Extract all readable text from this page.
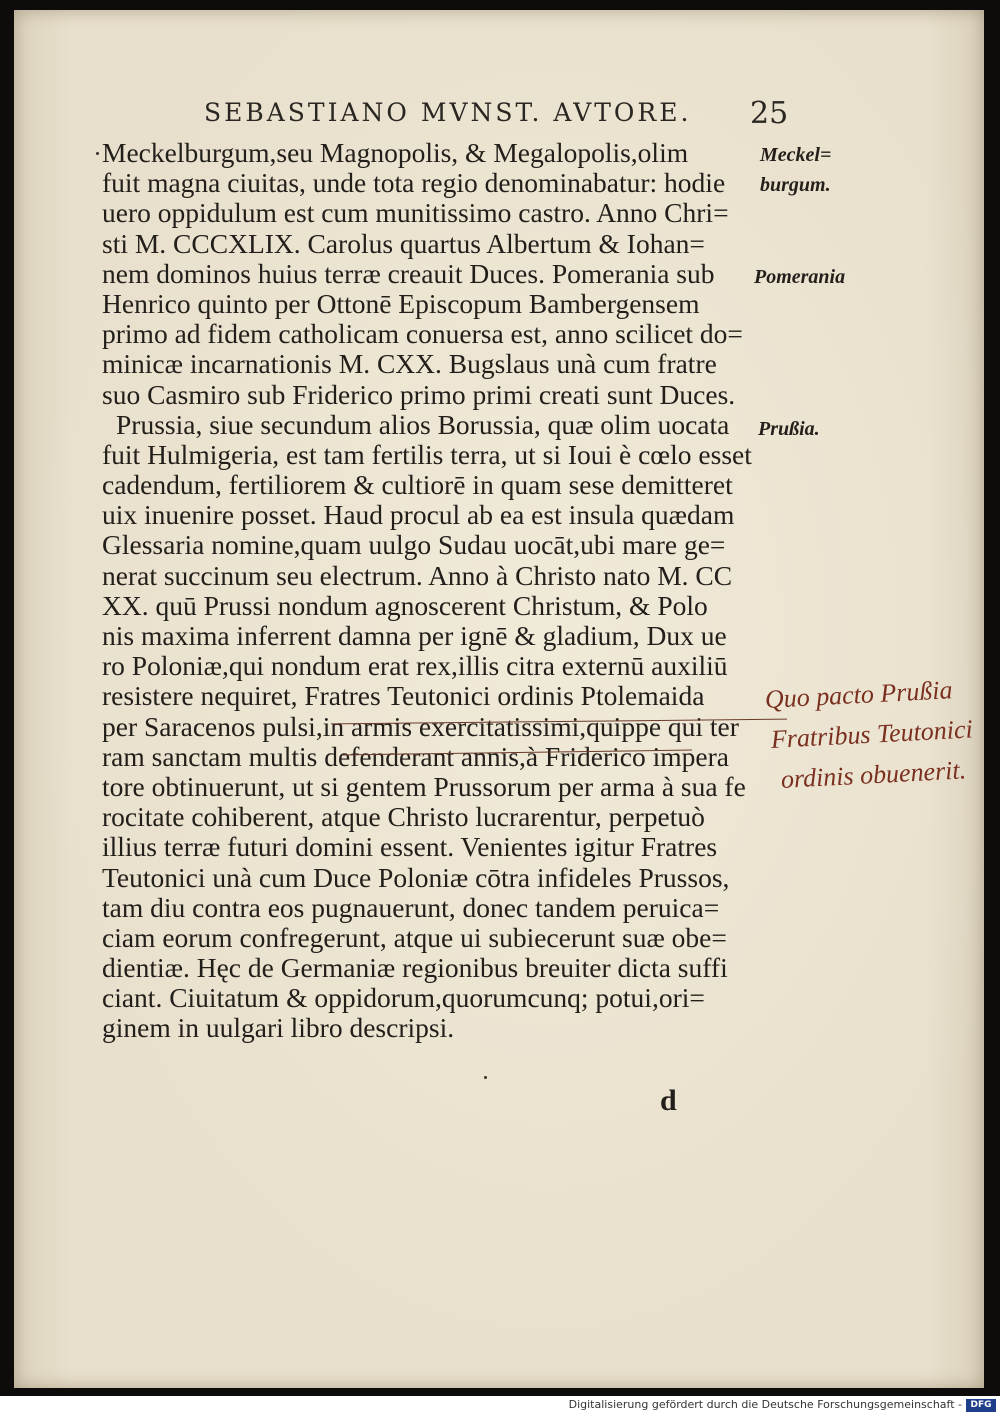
SEBASTIANO MVNST. AVTORE.	25
Meckelburgum,seu Magnopolis, & Megalopolis,olim
fuit magna ciuitas, unde tota regio denominabatur: hodie
uero oppidulum est cum munitissimo castro. Anno Chri=
sti M. CCCXLIX. Carolus quartus Albertum & Iohan=
nem dominos huius terræ creauit Duces. Pomerania sub
Henrico quinto per Ottonē Episcopum Bambergensem
primo ad fidem catholicam conuersa est, anno scilicet do=
minicæ incarnationis M. CXX. Bugslaus unà cum fratre
suo Casmiro sub Friderico primo primi creati sunt Duces.
Prussia, siue secundum alios Borussia, quæ olim uocata
fuit Hulmigeria, est tam fertilis terra, ut si Ioui è cœlo esset
cadendum, fertiliorem & cultiorē in quam sese demitteret
uix inuenire posset. Haud procul ab ea est insula quædam
Glessaria nomine,quam uulgo Sudau uocāt,ubi mare ge=
nerat succinum seu electrum. Anno à Christo nato M. CC
XX. quū Prussi nondum agnoscerent Christum, & Polo
nis maxima inferrent damna per ignē & gladium, Dux ue
ro Poloniæ,qui nondum erat rex,illis citra externū auxiliū
resistere nequiret, Fratres Teutonici ordinis Ptolemaida
per Saracenos pulsi,in armis exercitatissimi,quippe qui ter
ram sanctam multis defenderant annis,à Friderico impera
tore obtinuerunt, ut si gentem Prussorum per arma à sua fe
rocitate cohiberent, atque Christo lucrarentur, perpetuò
illius terræ futuri domini essent. Venientes igitur Fratres
Teutonici unà cum Duce Poloniæ cōtra infideles Prussos,
tam diu contra eos pugnauerunt, donec tandem peruica=
ciam eorum confregerunt, atque ui subiecerunt suæ obe=
dientiæ. Hęc de Germaniæ regionibus breuiter dicta suffi
ciant. Ciuitatum & oppidorum,quorumcunq; potui,ori=
ginem in uulgari libro descripsi.
Meckel=
burgum.
Pomerania
Prußia.
Quo pacto Prußia
Fratribus Teutonici
ordinis obuenerit.
d
Digitalisierung gefördert durch die Deutsche Forschungsgemeinschaft - DFG
